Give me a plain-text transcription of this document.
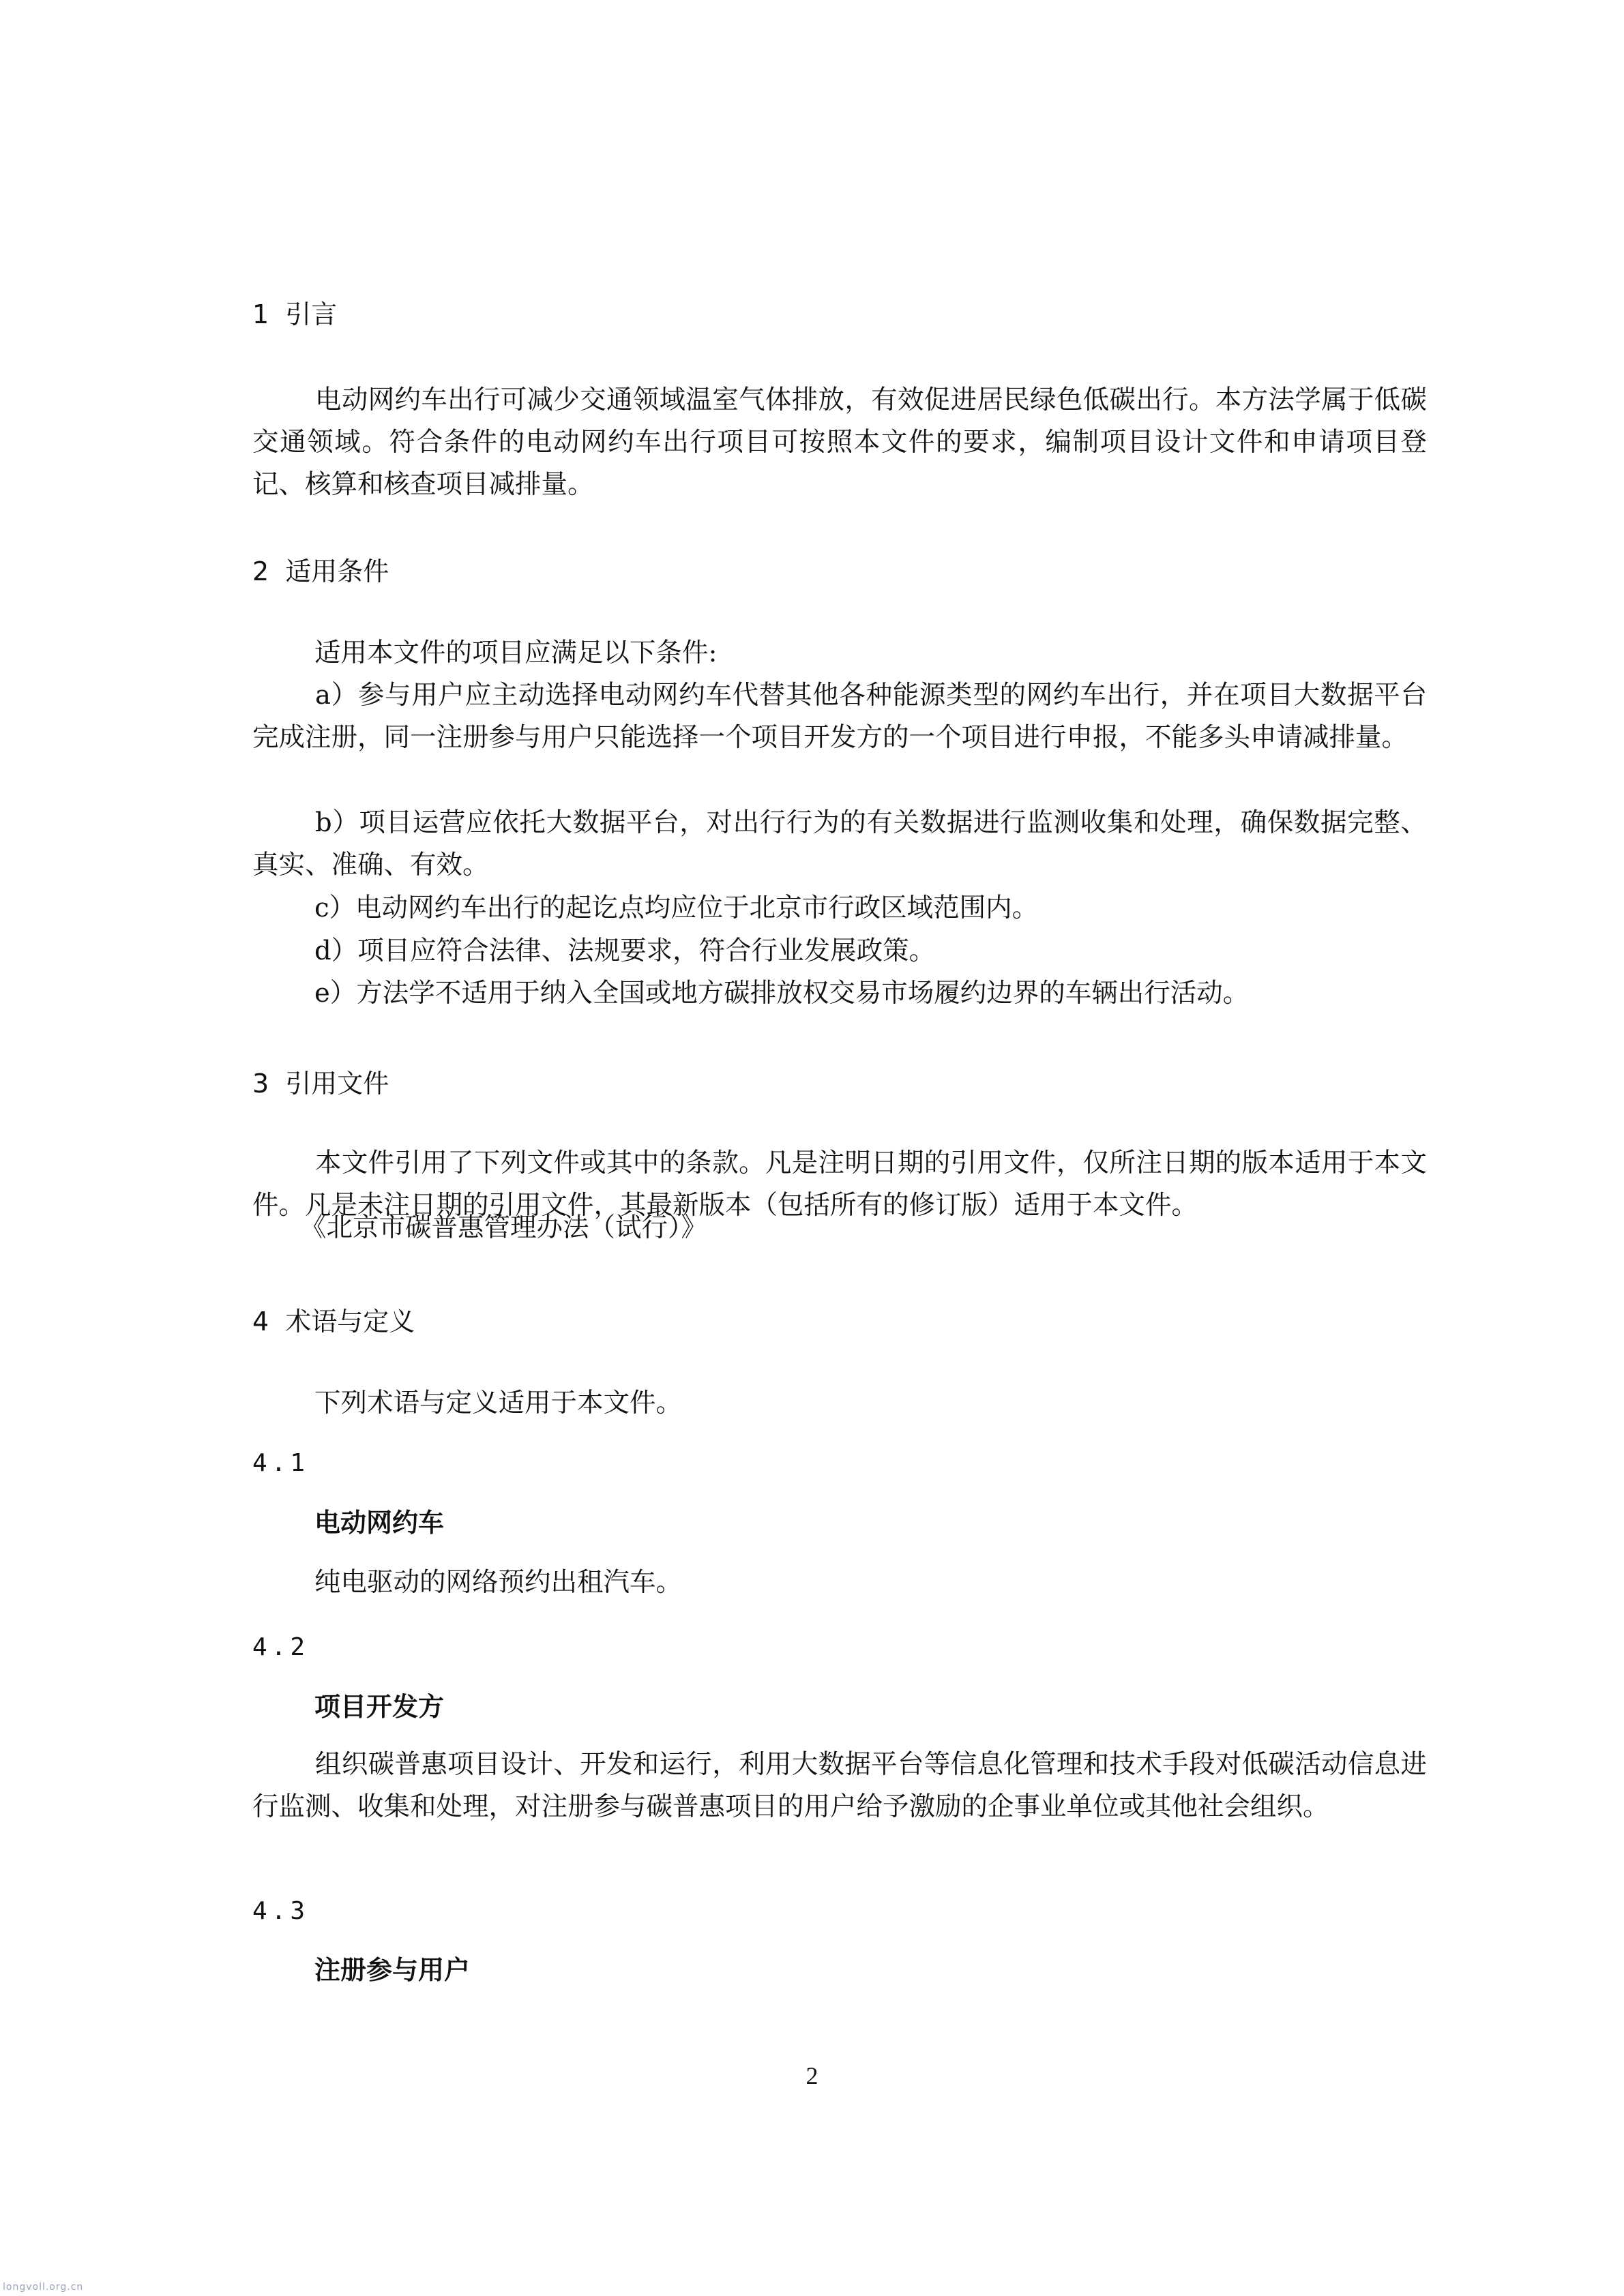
1 引言

电动网约车出行可减少交通领域温室气体排放，有效促进居民绿色低碳出行。本方法学属于低碳交通领域。符合条件的电动网约车出行项目可按照本文件的要求，编制项目设计文件和申请项目登记、核算和核查项目减排量。

2 适用条件

适用本文件的项目应满足以下条件:

a）参与用户应主动选择电动网约车代替其他各种能源类型的网约车出行，并在项目大数据平台完成注册，同一注册参与用户只能选择一个项目开发方的一个项目进行申报，不能多头申请减排量。

b）项目运营应依托大数据平台，对出行行为的有关数据进行监测收集和处理，确保数据完整、真实、准确、有效。

c）电动网约车出行的起讫点均应位于北京市行政区域范围内。

d）项目应符合法律、法规要求，符合行业发展政策。

e）方法学不适用于纳入全国或地方碳排放权交易市场履约边界的车辆出行活动。

3 引用文件

本文件引用了下列文件或其中的条款。凡是注明日期的引用文件，仅所注日期的版本适用于本文件。凡是未注日期的引用文件，其最新版本（包括所有的修订版）适用于本文件。

《北京市碳普惠管理办法（试行）》

4 术语与定义

下列术语与定义适用于本文件。

4.1
电动网约车

纯电驱动的网络预约出租汽车。

4.2
项目开发方

组织碳普惠项目设计、开发和运行，利用大数据平台等信息化管理和技术手段对低碳活动信息进行监测、收集和处理，对注册参与碳普惠项目的用户给予激励的企事业单位或其他社会组织。

4.3
注册参与用户
2
longvoll.org.cn
